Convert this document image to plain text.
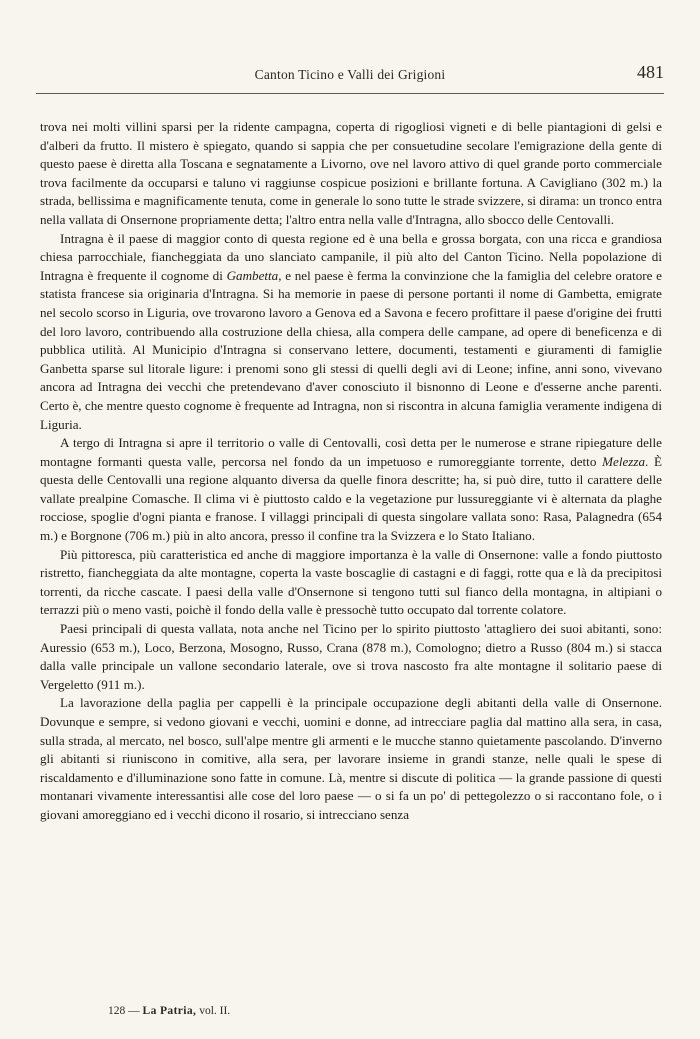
Canton Ticino e Valli dei Grigioni	481

trova nei molti villini sparsi per la ridente campagna, coperta di rigogliosi vigneti e di belle piantagioni di gelsi e d'alberi da frutto. Il mistero è spiegato, quando si sappia che per consuetudine secolare l'emigrazione della gente di questo paese è diretta alla Toscana e segnatamente a Livorno, ove nel lavoro attivo di quel grande porto commerciale trova facilmente da occuparsi e taluno vi raggiunse cospicue posizioni e brillante fortuna. A Cavigliano (302 m.) la strada, bellissima e magnificamente tenuta, come in generale lo sono tutte le strade svizzere, si dirama: un tronco entra nella vallata di Onsernone propriamente detta; l'altro entra nella valle d'Intragna, allo sbocco delle Centovalli.

Intragna è il paese di maggior conto di questa regione ed è una bella e grossa borgata, con una ricca e grandiosa chiesa parrocchiale, fiancheggiata da uno slanciato campanile, il più alto del Canton Ticino. Nella popolazione di Intragna è frequente il cognome di Gambetta, e nel paese è ferma la convinzione che la famiglia del celebre oratore e statista francese sia originaria d'Intragna. Si ha memorie in paese di persone portanti il nome di Gambetta, emigrate nel secolo scorso in Liguria, ove trovarono lavoro a Genova ed a Savona e fecero profittare il paese d'origine dei frutti del loro lavoro, contribuendo alla costruzione della chiesa, alla compera delle campane, ad opere di beneficenza e di pubblica utilità. Al Municipio d'Intragna si conservano lettere, documenti, testamenti e giuramenti di famiglie Ganbetta sparse sul litorale ligure: i prenomi sono gli stessi di quelli degli avi di Leone; infine, anni sono, vivevano ancora ad Intragna dei vecchi che pretendevano d'aver conosciuto il bisnonno di Leone e d'esserne anche parenti. Certo è, che mentre questo cognome è frequente ad Intragna, non si riscontra in alcuna famiglia veramente indigena di Liguria.

A tergo di Intragna si apre il territorio o valle di Centovalli, così detta per le numerose e strane ripiegature delle montagne formanti questa valle, percorsa nel fondo da un impetuoso e rumoreggiante torrente, detto Melezza. È questa delle Centovalli una regione alquanto diversa da quelle finora descritte; ha, si può dire, tutto il carattere delle vallate prealpine Comasche. Il clima vi è piuttosto caldo e la vegetazione pur lussureggiante vi è alternata da plaghe rocciose, spoglie d'ogni pianta e franose. I villaggi principali di questa singolare vallata sono: Rasa, Palagnedra (654 m.) e Borgnone (706 m.) più in alto ancora, presso il confine tra la Svizzera e lo Stato Italiano.

Più pittoresca, più caratteristica ed anche di maggiore importanza è la valle di Onsernone: valle a fondo piuttosto ristretto, fiancheggiata da alte montagne, coperta la vaste boscaglie di castagni e di faggi, rotte qua e là da precipitosi torrenti, da ricche cascate. I paesi della valle d'Onsernone si tengono tutti sul fianco della montagna, in altipiani o terrazzi più o meno vasti, poichè il fondo della valle è pressochè tutto occupato dal torrente colatore.

Paesi principali di questa vallata, nota anche nel Ticino per lo spirito piuttosto 'attagliero dei suoi abitanti, sono: Auressio (653 m.), Loco, Berzona, Mosogno, Russo, Crana (878 m.), Comologno; dietro a Russo (804 m.) si stacca dalla valle principale un vallone secondario laterale, ove si trova nascosto fra alte montagne il solitario paese di Vergeletto (911 m.).

La lavorazione della paglia per cappelli è la principale occupazione degli abitanti della valle di Onsernone. Dovunque e sempre, si vedono giovani e vecchi, uomini e donne, ad intrecciare paglia dal mattino alla sera, in casa, sulla strada, al mercato, nel bosco, sull'alpe mentre gli armenti e le mucche stanno quietamente pascolando. D'inverno gli abitanti si riuniscono in comitive, alla sera, per lavorare insieme in grandi stanze, nelle quali le spese di riscaldamento e d'illuminazione sono fatte in comune. Là, mentre si discute di politica — la grande passione di questi montanari vivamente interessantisi alle cose del loro paese — o si fa un po' di pettegolezzo o si raccontano fole, o i giovani amoreggiano ed i vecchi dicono il rosario, si intrecciano senza

128 — La Patria, vol. II.
